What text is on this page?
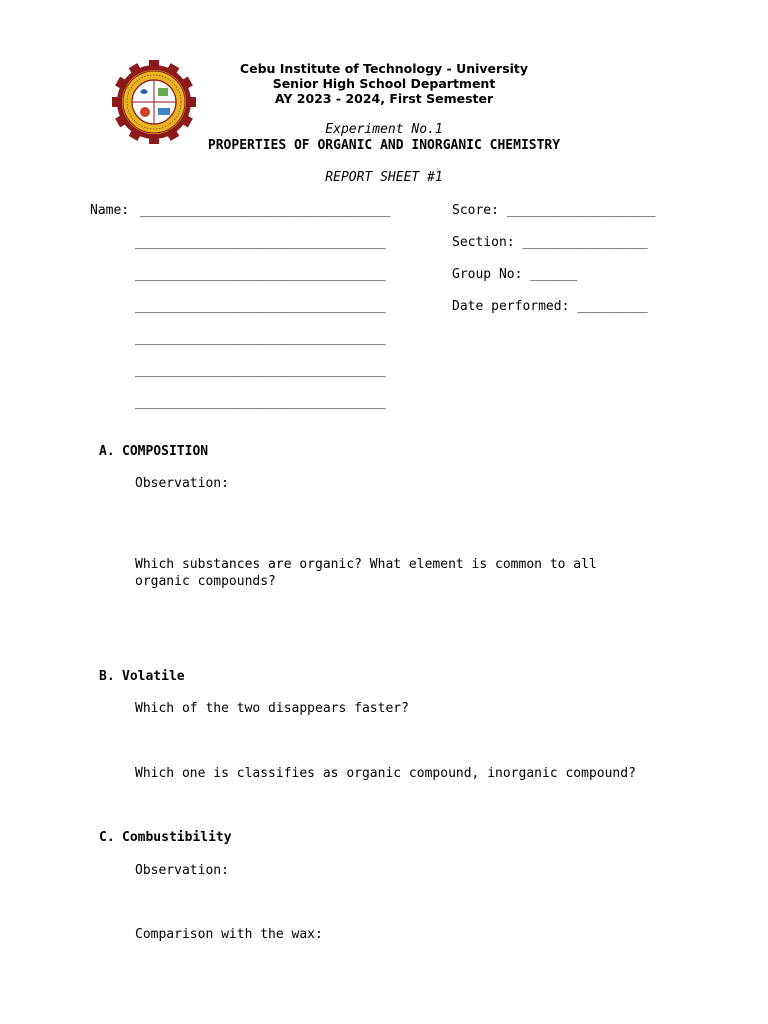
Cebu Institute of Technology - University
Senior High School Department
AY 2023 - 2024, First Semester
Experiment No.1
PROPERTIES OF ORGANIC AND INORGANIC CHEMISTRY
REPORT SHEET #1
Name: ________________________________
________________________________
________________________________
________________________________
________________________________
________________________________
________________________________
Score: ___________________
Section: ________________
Group No: ______
Date performed: _________
A. COMPOSITION
Observation:
Which substances are organic? What element is common to all
organic compounds?
B. Volatile
Which of the two disappears faster?
Which one is classifies as organic compound, inorganic compound?
C. Combustibility
Observation:
Comparison with the wax:
